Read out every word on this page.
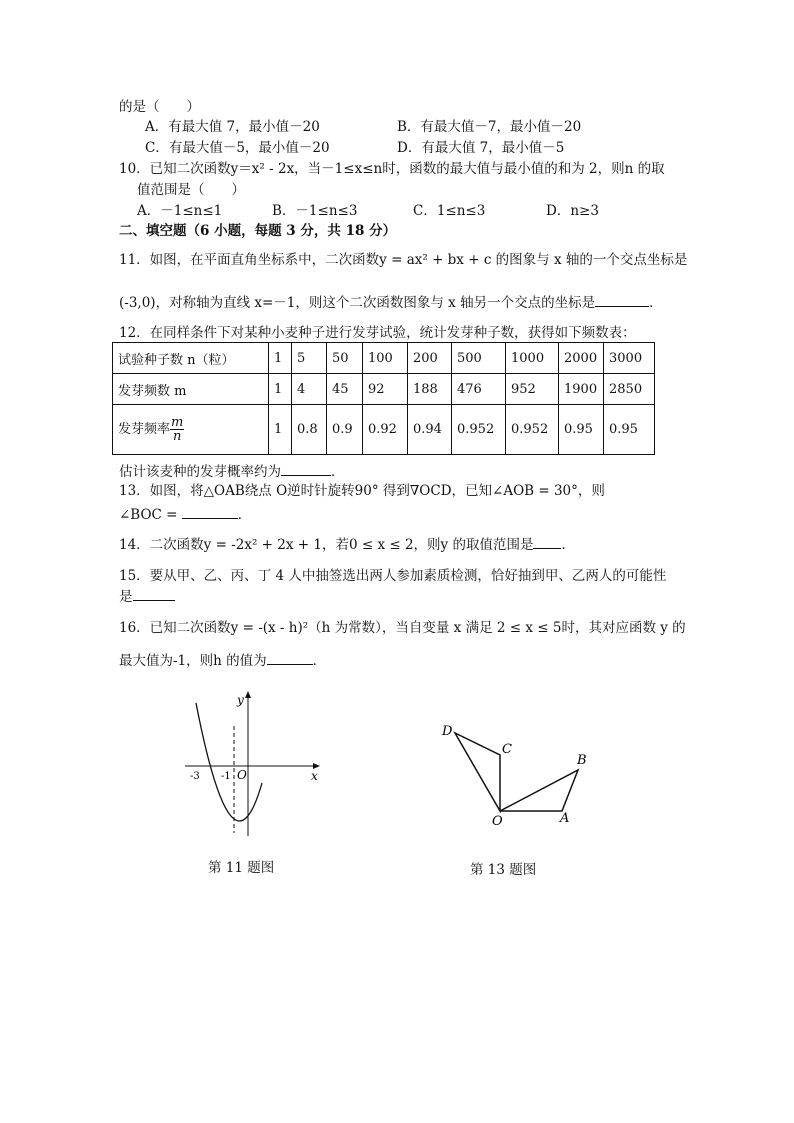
的是（　　）
A．有最大值 7，最小值－20	B．有最大值－7，最小值－20
C．有最大值－5，最小值－20	D．有最大值 7，最小值－5
10．已知二次函数y＝x² - 2x，当－1≤x≤n时，函数的最大值与最小值的和为 2，则n 的取
值范围是（　　）
A．－1≤n≤1	B．－1≤n≤3	C．1≤n≤3	D．n≥3
二、填空题（6 小题，每题 3 分，共 18 分）
11．如图，在平面直角坐标系中，二次函数y = ax² + bx + c 的图象与 x 轴的一个交点坐标是
(-3,0)，对称轴为直线 x=－1，则这个二次函数图象与 x 轴另一个交点的坐标是	．
12．在同样条件下对某种小麦种子进行发芽试验，统计发芽种子数，获得如下频数表：
试验种子数 n（粒）	1	5	50	100	200	500	1000	2000	3000
发芽频数 m	1	4	45	92	188	476	952	1900	2850
发芽频率 $\frac{m}{n}$	1	0.8	0.9	0.92	0.94	0.952	0.952	0.95	0.95
估计该麦种的发芽概率约为	．
13．如图，将△OAB绕点 O逆时针旋转90° 得到∇OCD，已知∠AOB = 30°，则
∠BOC =	．
14．二次函数y = -2x² + 2x + 1，若0 ≤ x ≤ 2，则y 的取值范围是 ．
15．要从甲、乙、丙、丁 4 人中抽签选出两人参加素质检测，恰好抽到甲、乙两人的可能性
是
16．已知二次函数y = -(x - h)²（h 为常数），当自变量 x 满足 2 ≤ x ≤ 5时，其对应函数 y 的
最大值为-1，则h 的值为	．
y
x
O
-3 -1
第 11 题图
D
C
B
O	A
第 13 题图
